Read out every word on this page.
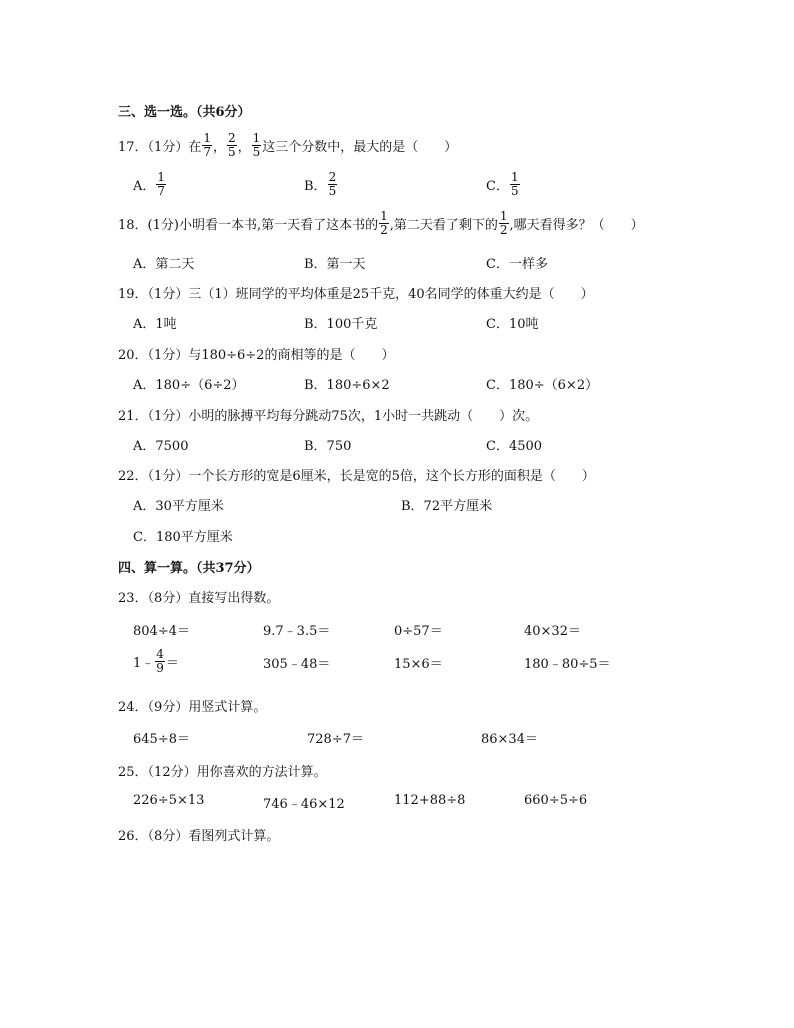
三、选一选。（共6分）
17．（1分）在 $\frac{1}{7}$ ， $\frac{2}{5}$ ， $\frac{1}{5}$ 这三个分数中，最大的是（　　）
A． $\frac{1}{7}$	B． $\frac{2}{5}$	C． $\frac{1}{5}$
18．(1分)小明看一本书,第一天看了这本书的 $\frac{1}{2}$ ,第二天看了剩下的 $\frac{1}{2}$ ,哪天看得多？（　　）
A．第二天	B．第一天	C．一样多
19．（1分）三（1）班同学的平均体重是25千克，40名同学的体重大约是（　　）
A．1吨	B．100千克	C．10吨
20．（1分）与180÷6÷2的商相等的是（　　）
A．180÷（6÷2）	B．180÷6×2	C．180÷（6×2）
21．（1分）小明的脉搏平均每分跳动75次，1小时一共跳动（　　）次。
A．7500	B．750	C．4500
22．（1分）一个长方形的宽是6厘米，长是宽的5倍，这个长方形的面积是（　　）
A．30平方厘米	B．72平方厘米
C．180平方厘米
四、算一算。（共37分）
23．（8分）直接写出得数。
804÷4＝	9.7﹣3.5＝	0÷57＝	40×32＝
1﹣ $\frac{4}{9}$ ＝	305﹣48＝	15×6＝	180﹣80÷5＝
24．（9分）用竖式计算。
645÷8＝	728÷7＝	86×34＝
25．（12分）用你喜欢的方法计算。
226÷5×13	746﹣46×12	112+88÷8	660÷5÷6
26．（8分）看图列式计算。
